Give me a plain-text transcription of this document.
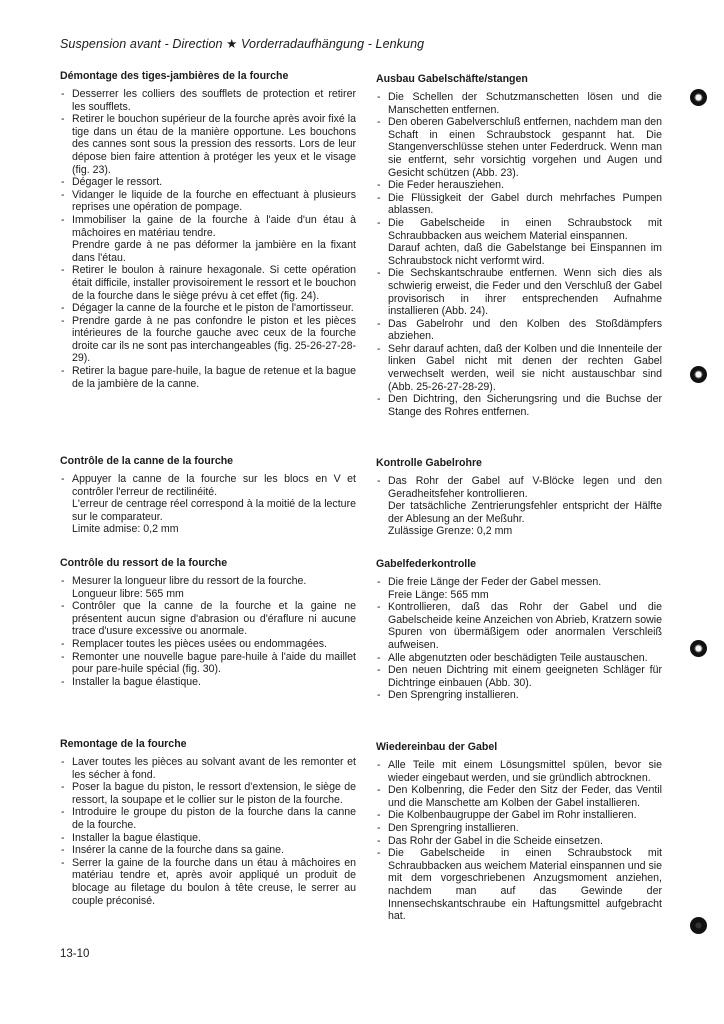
Suspension avant - Direction ★ Vorderradaufhängung - Lenkung
Démontage des tiges-jambières de la fourche
- Desserrer les colliers des soufflets de protection et retirer les soufflets.
- Retirer le bouchon supérieur de la fourche après avoir fixé la tige dans un étau de la manière opportune. Les bouchons des cannes sont sous la pression des ressorts. Lors de leur dépose bien faire attention à protéger les yeux et le visage (fig. 23).
- Dégager le ressort.
- Vidanger le liquide de la fourche en effectuant à plusieurs reprises une opération de pompage.
- Immobiliser la gaine de la fourche à l'aide d'un étau à mâchoires en matériau tendre.
Prendre garde à ne pas déformer la jambière en la fixant dans l'étau.
- Retirer le boulon à rainure hexagonale. Si cette opération était difficile, installer provisoirement le ressort et le bouchon de la fourche dans le siège prévu à cet effet (fig. 24).
- Dégager la canne de la fourche et le piston de l'amortisseur.
- Prendre garde à ne pas confondre le piston et les pièces intérieures de la fourche gauche avec ceux de la fourche droite car ils ne sont pas interchangeables (fig. 25-26-27-28-29).
- Retirer la bague pare-huile, la bague de retenue et la bague de la jambière de la canne.
Contrôle de la canne de la fourche
- Appuyer la canne de la fourche sur les blocs en V et contrôler l'erreur de rectilinéité.
L'erreur de centrage réel correspond à la moitié de la lecture sur le comparateur.
Limite admise: 0,2 mm
Contrôle du ressort de la fourche
- Mesurer la longueur libre du ressort de la fourche.
Longueur libre: 565 mm
- Contrôler que la canne de la fourche et la gaine ne présentent aucun signe d'abrasion ou d'éraflure ni aucune trace d'usure excessive ou anormale.
- Remplacer toutes les pièces usées ou endommagées.
- Remonter une nouvelle bague pare-huile à l'aide du maillet pour pare-huile spécial (fig. 30).
- Installer la bague élastique.
Remontage de la fourche
- Laver toutes les pièces au solvant avant de les remonter et les sécher à fond.
- Poser la bague du piston, le ressort d'extension, le siège de ressort, la soupape et le collier sur le piston de la fourche.
- Introduire le groupe du piston de la fourche dans la canne de la fourche.
- Installer la bague élastique.
- Insérer la canne de la fourche dans sa gaine.
- Serrer la gaine de la fourche dans un étau à mâchoires en matériau tendre et, après avoir appliqué un produit de blocage au filetage du boulon à tête creuse, le serrer au couple préconisé.
Ausbau Gabelschäfte/stangen
- Die Schellen der Schutzmanschetten lösen und die Manschetten entfernen.
- Den oberen Gabelverschluß entfernen, nachdem man den Schaft in einen Schraubstock gespannt hat. Die Stangenverschlüsse stehen unter Federdruck. Wenn man sie entfernt, sehr vorsichtig vorgehen und Augen und Gesicht schützen (Abb. 23).
- Die Feder herausziehen.
- Die Flüssigkeit der Gabel durch mehrfaches Pumpen ablassen.
- Die Gabelscheide in einen Schraubstock mit Schraubbacken aus weichem Material einspannen.
Darauf achten, daß die Gabelstange bei Einspannen im Schraubstock nicht verformt wird.
- Die Sechskantschraube entfernen. Wenn sich dies als schwierig erweist, die Feder und den Verschluß der Gabel provisorisch in ihrer entsprechenden Aufnahme installieren (Abb. 24).
- Das Gabelrohr und den Kolben des Stoßdämpfers abziehen.
- Sehr darauf achten, daß der Kolben und die Innenteile der linken Gabel nicht mit denen der rechten Gabel verwechselt werden, weil sie nicht austauschbar sind (Abb. 25-26-27-28-29).
- Den Dichtring, den Sicherungsring und die Buchse der Stange des Rohres entfernen.
Kontrolle Gabelrohre
- Das Rohr der Gabel auf V-Blöcke legen und den Geradheitsfeher kontrollieren.
Der tatsächliche Zentrierungsfehler entspricht der Hälfte der Ablesung an der Meßuhr.
Zulässige Grenze: 0,2 mm
Gabelfederkontrolle
- Die freie Länge der Feder der Gabel messen.
Freie Länge: 565 mm
- Kontrollieren, daß das Rohr der Gabel und die Gabelscheide keine Anzeichen von Abrieb, Kratzern sowie Spuren von übermäßigem oder anormalen Verschleiß aufweisen.
- Alle abgenutzten oder beschädigten Teile austauschen.
- Den neuen Dichtring mit einem geeigneten Schläger für Dichtringe einbauen (Abb. 30).
- Den Sprengring installieren.
Wiedereinbau der Gabel
- Alle Teile mit einem Lösungsmittel spülen, bevor sie wieder eingebaut werden, und sie gründlich abtrocknen.
- Den Kolbenring, die Feder den Sitz der Feder, das Ventil und die Manschette am Kolben der Gabel installieren.
- Die Kolbenbaugruppe der Gabel im Rohr installieren.
- Den Sprengring installieren.
- Das Rohr der Gabel in die Scheide einsetzen.
- Die Gabelscheide in einen Schraubstock mit Schraubbacken aus weichem Material einspannen und sie mit dem vorgeschriebenen Anzugsmoment anziehen, nachdem man auf das Gewinde der Innensechskantschraube ein Haftungsmittel aufgebracht hat.
13-10
